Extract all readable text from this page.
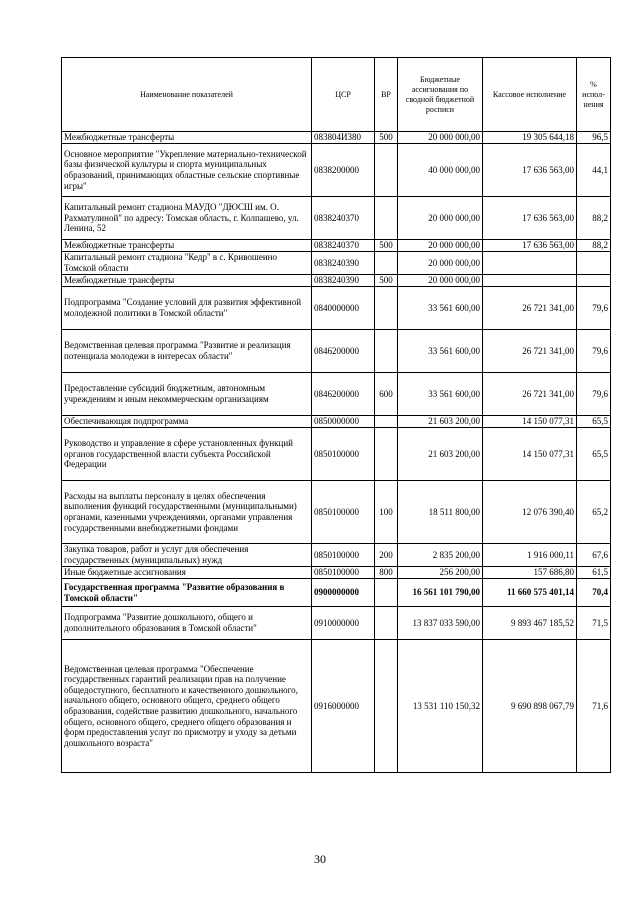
Наименование показателей	ЦСР	ВР	Бюджетные ассигнования по сводной бюджетной росписи	Кассовое исполнение	% испол-нения
Межбюджетные трансферты	083804И380	500	20 000 000,00	19 305 644,18	96,5
Основное мероприятие "Укрепление материально-технической базы физической культуры и спорта муниципальных образований, принимающих областные сельские спортивные игры"	0838200000		40 000 000,00	17 636 563,00	44,1
Капитальный ремонт стадиона МАУДО "ДЮСШ им. О. Рахматулиной" по адресу: Томская область, г. Колпашево, ул. Ленина, 52	0838240370		20 000 000,00	17 636 563,00	88,2
Межбюджетные трансферты	0838240370	500	20 000 000,00	17 636 563,00	88,2
Капитальный ремонт стадиона "Кедр" в с. Кривошеино Томской области	0838240390		20 000 000,00		
Межбюджетные трансферты	0838240390	500	20 000 000,00		
Подпрограмма "Создание условий для развития эффективной молодежной политики в Томской области"	0840000000		33 561 600,00	26 721 341,00	79,6
Ведомственная целевая программа "Развитие и реализация потенциала молодежи в интересах области"	0846200000		33 561 600,00	26 721 341,00	79,6
Предоставление субсидий бюджетным, автономным учреждениям и иным некоммерческим организациям	0846200000	600	33 561 600,00	26 721 341,00	79,6
Обеспечивающая подпрограмма	0850000000		21 603 200,00	14 150 077,31	65,5
Руководство и управление в сфере установленных функций органов государственной власти субъекта Российской Федерации	0850100000		21 603 200,00	14 150 077,31	65,5
Расходы на выплаты персоналу в целях обеспечения выполнения функций государственными (муниципальными) органами, казенными учреждениями, органами управления государственными внебюджетными фондами	0850100000	100	18 511 800,00	12 076 390,40	65,2
Закупка товаров, работ и услуг для обеспечения государственных (муниципальных) нужд	0850100000	200	2 835 200,00	1 916 000,11	67,6
Иные бюджетные ассигнования	0850100000	800	256 200,00	157 686,80	61,5
Государственная программа "Развитие образования в Томской области"	0900000000		16 561 101 790,00	11 660 575 401,14	70,4
Подпрограмма "Развитие дошкольного, общего и дополнительного образования в Томской области"	0910000000		13 837 033 590,00	9 893 467 185,52	71,5
Ведомственная целевая программа "Обеспечение государственных гарантий реализации прав на получение общедоступного, бесплатного и качественного дошкольного, начального общего, основного общего, среднего общего образования, содействие развитию дошкольного, начального общего, основного общего, среднего общего образования и форм предоставления услуг по присмотру и уходу за детьми дошкольного возраста"	0916000000		13 531 110 150,32	9 690 898 067,79	71,6
30
